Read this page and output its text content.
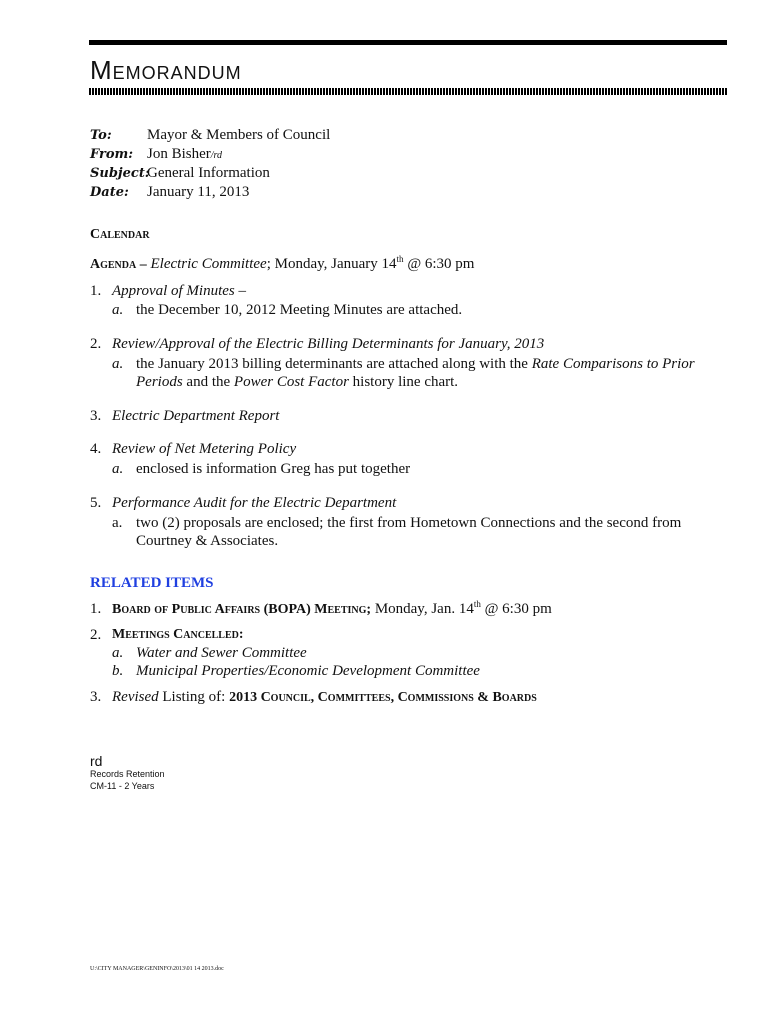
Memorandum
To:	Mayor & Members of Council
From: Jon Bisher/rd
Subject:
General Information
Date:	January 11, 2013
Calendar
Agenda – Electric Committee; Monday, January 14th @ 6:30 pm
1. Approval of Minutes –
a. the December 10, 2012 Meeting Minutes are attached.
2. Review/Approval of the Electric Billing Determinants for January, 2013
a. the January 2013 billing determinants are attached along with the Rate Comparisons to Prior
Periods and the Power Cost Factor history line chart.
3. Electric Department Report
4. Review of Net Metering Policy
a. enclosed is information Greg has put together
5. Performance Audit for the Electric Department
a. two (2) proposals are enclosed; the first from Hometown Connections and the second from
Courtney & Associates.
RELATED ITEMS
1. Board of Public Affairs (BOPA) Meeting; Monday, Jan. 14th @ 6:30 pm
2. Meetings Cancelled:
a. Water and Sewer Committee
b. Municipal Properties/Economic Development Committee
3. Revised Listing of: 2013 Council, Committees, Commissions & Boards
rd
Records Retention
CM-11 - 2 Years
U:\CITY MANAGER\GENINFO\2013\01 14 2013.doc
